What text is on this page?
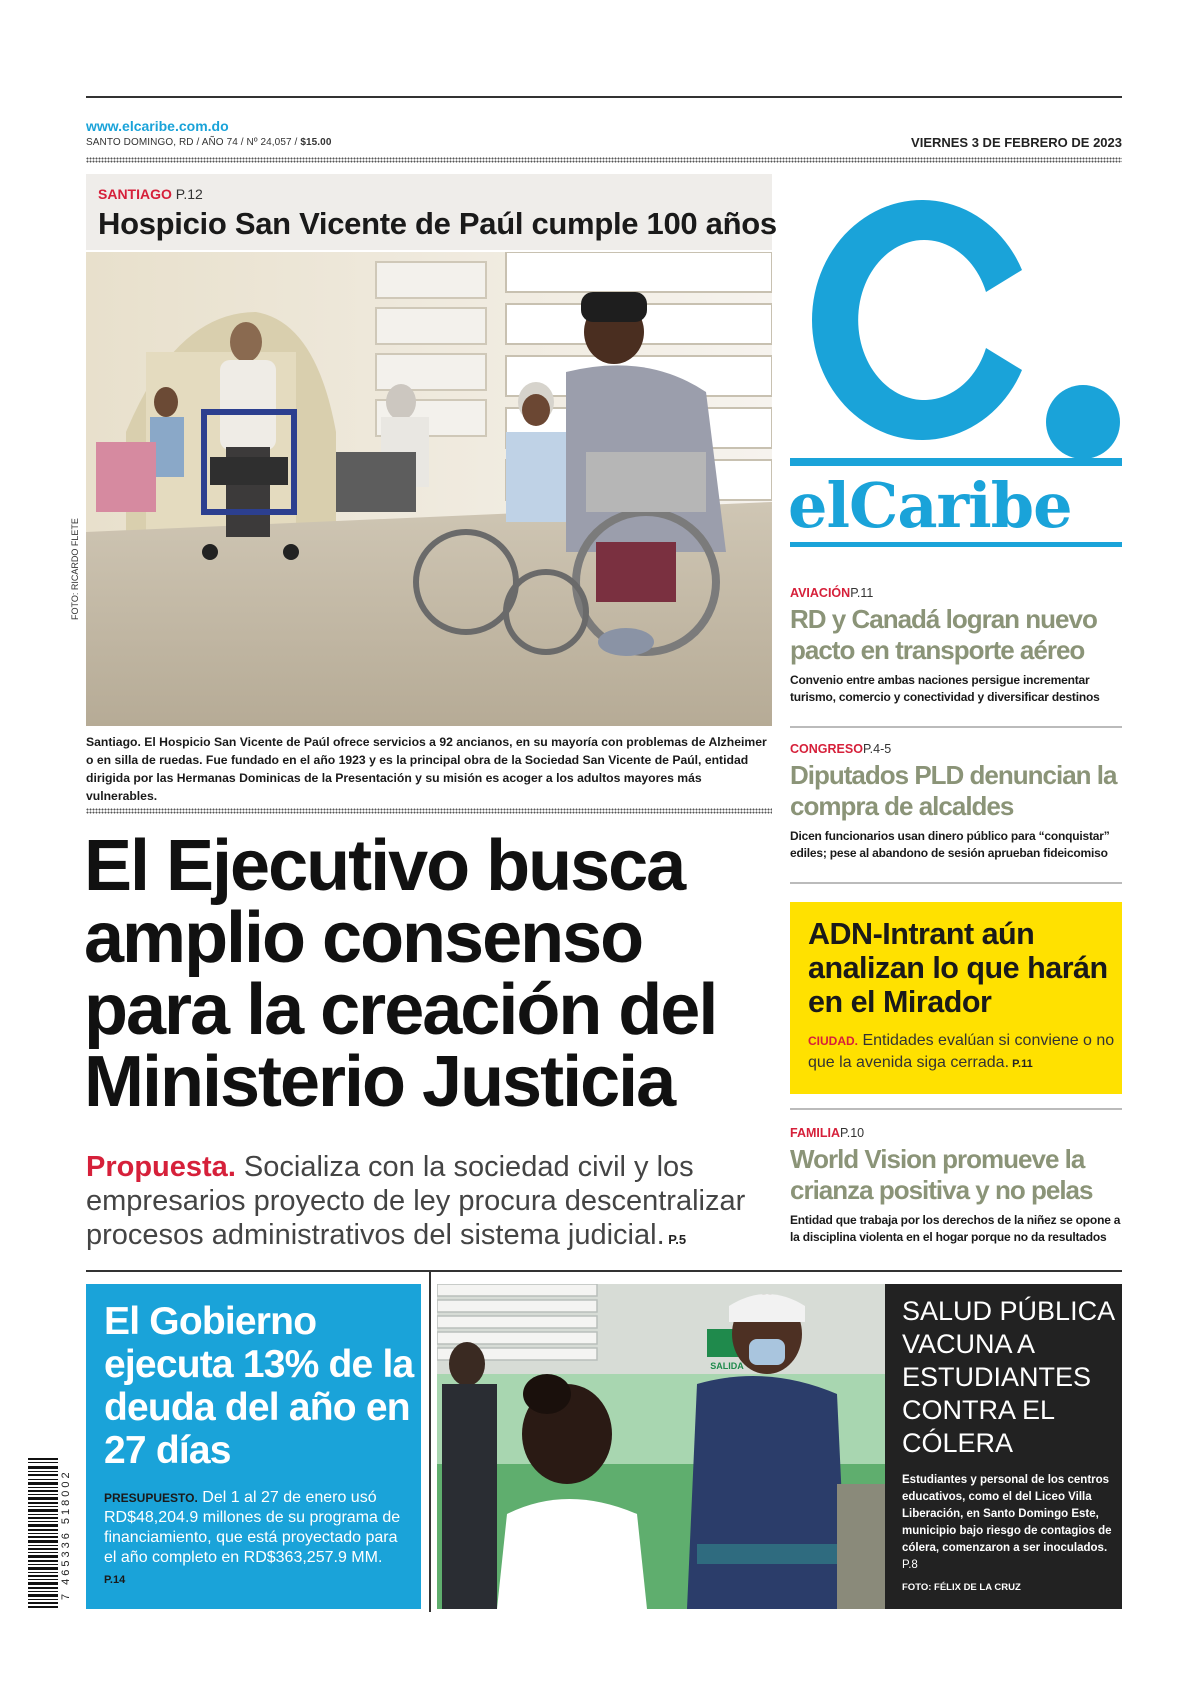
www.elcaribe.com.do
SANTO DOMINGO, RD / AÑO 74 / Nº 24,057 / $15.00	VIERNES 3 DE FEBRERO DE 2023
SANTIAGO P.12
Hospicio San Vicente de Paúl cumple 100 años
FOTO: RICARDO FLETE
Santiago. El Hospicio San Vicente de Paúl ofrece servicios a 92 ancianos, en su mayoría con problemas de Alzheimer o en silla de ruedas. Fue fundado en el año 1923 y es la principal obra de la Sociedad San Vicente de Paúl, entidad dirigida por las Hermanas Dominicas de la Presentación y su misión es acoger a los adultos mayores más vulnerables.
El Ejecutivo busca
amplio consenso
para la creación del
Ministerio Justicia
Propuesta. Socializa con la sociedad civil y los empresarios proyecto de ley procura descentralizar procesos administrativos del sistema judicial. P.5
elCaribe
AVIACIÓNP.11
RD y Canadá logran nuevo pacto en transporte aéreo
Convenio entre ambas naciones persigue incrementar turismo, comercio y conectividad y diversificar destinos
CONGRESOP.4-5
Diputados PLD denuncian la compra de alcaldes
Dicen funcionarios usan dinero público para “conquistar” ediles; pese al abandono de sesión aprueban fideicomiso
ADN-Intrant aún analizan lo que harán en el Mirador
CIUDAD. Entidades evalúan si conviene o no que la avenida siga cerrada. P.11
FAMILIAP.10
World Vision promueve la crianza positiva y no pelas
Entidad que trabaja por los derechos de la niñez se opone a la disciplina violenta en el hogar porque no da resultados
El Gobierno ejecuta 13% de la deuda del año en 27 días
PRESUPUESTO. Del 1 al 27 de enero usó RD$48,204.9 millones de su programa de financiamiento, que está proyectado para el año completo en RD$363,257.9 MM. P.14
SALIDA
SALUD PÚBLICA VACUNA A ESTUDIANTES CONTRA EL CÓLERA
Estudiantes y personal de los centros educativos, como el del Liceo Villa Liberación, en Santo Domingo Este, municipio bajo riesgo de contagios de cólera, comenzaron a ser inoculados. P.8
FOTO: FÉLIX DE LA CRUZ
7 465336 518002
